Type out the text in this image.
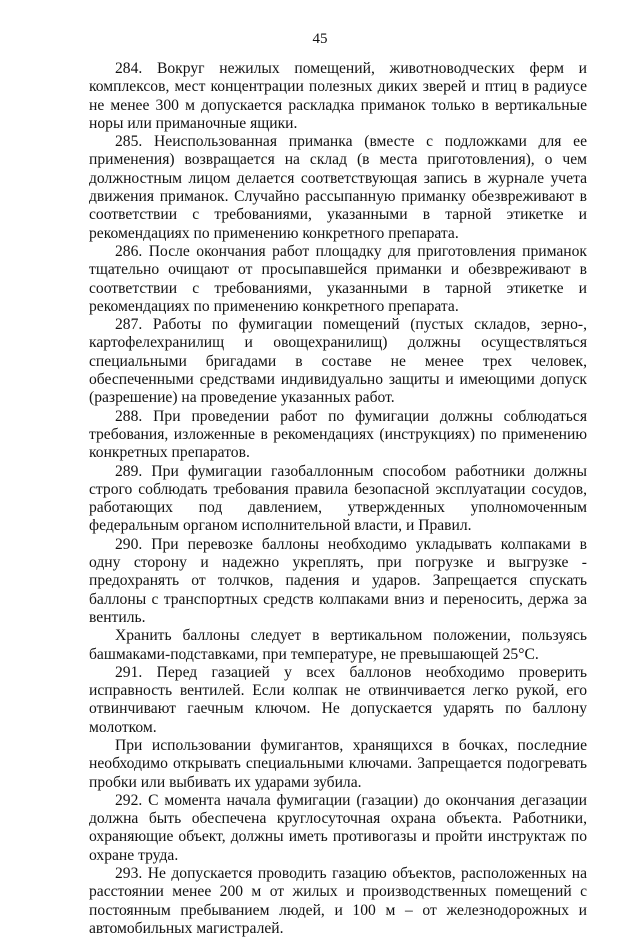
45

284. Вокруг нежилых помещений, животноводческих ферм и комплексов, мест концентрации полезных диких зверей и птиц в радиусе не менее 300 м допускается раскладка приманок только в вертикальные норы или приманочные ящики.

285. Неиспользованная приманка (вместе с подложками для ее применения) возвращается на склад (в места приготовления), о чем должностным лицом делается соответствующая запись в журнале учета движения приманок. Случайно рассыпанную приманку обезвреживают в соответствии с требованиями, указанными в тарной этикетке и рекомендациях по применению конкретного препарата.

286. После окончания работ площадку для приготовления приманок тщательно очищают от просыпавшейся приманки и обезвреживают в соответствии с требованиями, указанными в тарной этикетке и рекомендациях по применению конкретного препарата.

287. Работы по фумигации помещений (пустых складов, зерно-, картофелехранилищ и овощехранилищ) должны осуществляться специальными бригадами в составе не менее трех человек, обеспеченными средствами индивидуально защиты и имеющими допуск (разрешение) на проведение указанных работ.

288. При проведении работ по фумигации должны соблюдаться требования, изложенные в рекомендациях (инструкциях) по применению конкретных препаратов.

289. При фумигации газобаллонным способом работники должны строго соблюдать требования правила безопасной эксплуатации сосудов, работающих под давлением, утвержденных уполномоченным федеральным органом исполнительной власти, и Правил.

290. При перевозке баллоны необходимо укладывать колпаками в одну сторону и надежно укреплять, при погрузке и выгрузке - предохранять от толчков, падения и ударов. Запрещается спускать баллоны с транспортных средств колпаками вниз и переносить, держа за вентиль.

Хранить баллоны следует в вертикальном положении, пользуясь башмаками-подставками, при температуре, не превышающей 25°С.

291. Перед газацией у всех баллонов необходимо проверить исправность вентилей. Если колпак не отвинчивается легко рукой, его отвинчивают гаечным ключом. Не допускается ударять по баллону молотком.

При использовании фумигантов, хранящихся в бочках, последние необходимо открывать специальными ключами. Запрещается подогревать пробки или выбивать их ударами зубила.

292. С момента начала фумигации (газации) до окончания дегазации должна быть обеспечена круглосуточная охрана объекта. Работники, охраняющие объект, должны иметь противогазы и пройти инструктаж по охране труда.

293. Не допускается проводить газацию объектов, расположенных на расстоянии менее 200 м от жилых и производственных помещений с постоянным пребыванием людей, и 100 м – от железнодорожных и автомобильных магистралей.
